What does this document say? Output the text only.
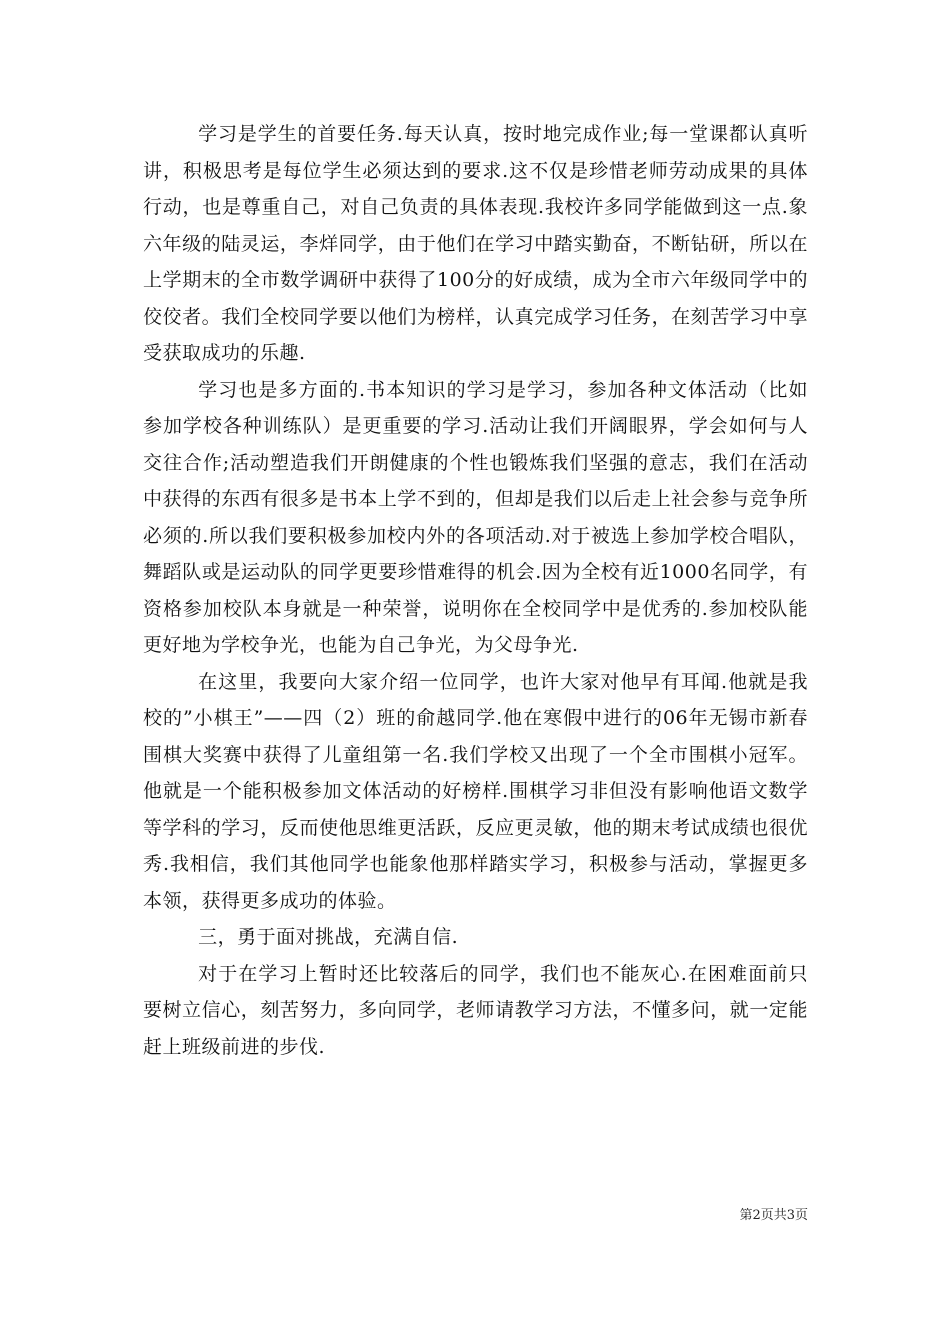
学习是学生的首要任务.每天认真，按时地完成作业;每一堂课都认真听讲，积极思考是每位学生必须达到的要求.这不仅是珍惜老师劳动成果的具体行动，也是尊重自己，对自己负责的具体表现.我校许多同学能做到这一点.象六年级的陆灵运，李烊同学，由于他们在学习中踏实勤奋，不断钻研，所以在上学期末的全市数学调研中获得了100分的好成绩，成为全市六年级同学中的佼佼者。我们全校同学要以他们为榜样，认真完成学习任务，在刻苦学习中享受获取成功的乐趣.

学习也是多方面的.书本知识的学习是学习，参加各种文体活动（比如参加学校各种训练队）是更重要的学习.活动让我们开阔眼界，学会如何与人交往合作;活动塑造我们开朗健康的个性也锻炼我们坚强的意志，我们在活动中获得的东西有很多是书本上学不到的，但却是我们以后走上社会参与竞争所必须的.所以我们要积极参加校内外的各项活动.对于被选上参加学校合唱队，舞蹈队或是运动队的同学更要珍惜难得的机会.因为全校有近1000名同学，有资格参加校队本身就是一种荣誉，说明你在全校同学中是优秀的.参加校队能更好地为学校争光，也能为自己争光，为父母争光.

在这里，我要向大家介绍一位同学，也许大家对他早有耳闻.他就是我校的”小棋王”——四（2）班的俞越同学.他在寒假中进行的06年无锡市新春围棋大奖赛中获得了儿童组第一名.我们学校又出现了一个全市围棋小冠军。他就是一个能积极参加文体活动的好榜样.围棋学习非但没有影响他语文数学等学科的学习，反而使他思维更活跃，反应更灵敏，他的期末考试成绩也很优秀.我相信，我们其他同学也能象他那样踏实学习，积极参与活动，掌握更多本领，获得更多成功的体验。

三，勇于面对挑战，充满自信.

对于在学习上暂时还比较落后的同学，我们也不能灰心.在困难面前只要树立信心，刻苦努力，多向同学，老师请教学习方法，不懂多问，就一定能赶上班级前进的步伐.

第2页共3页
